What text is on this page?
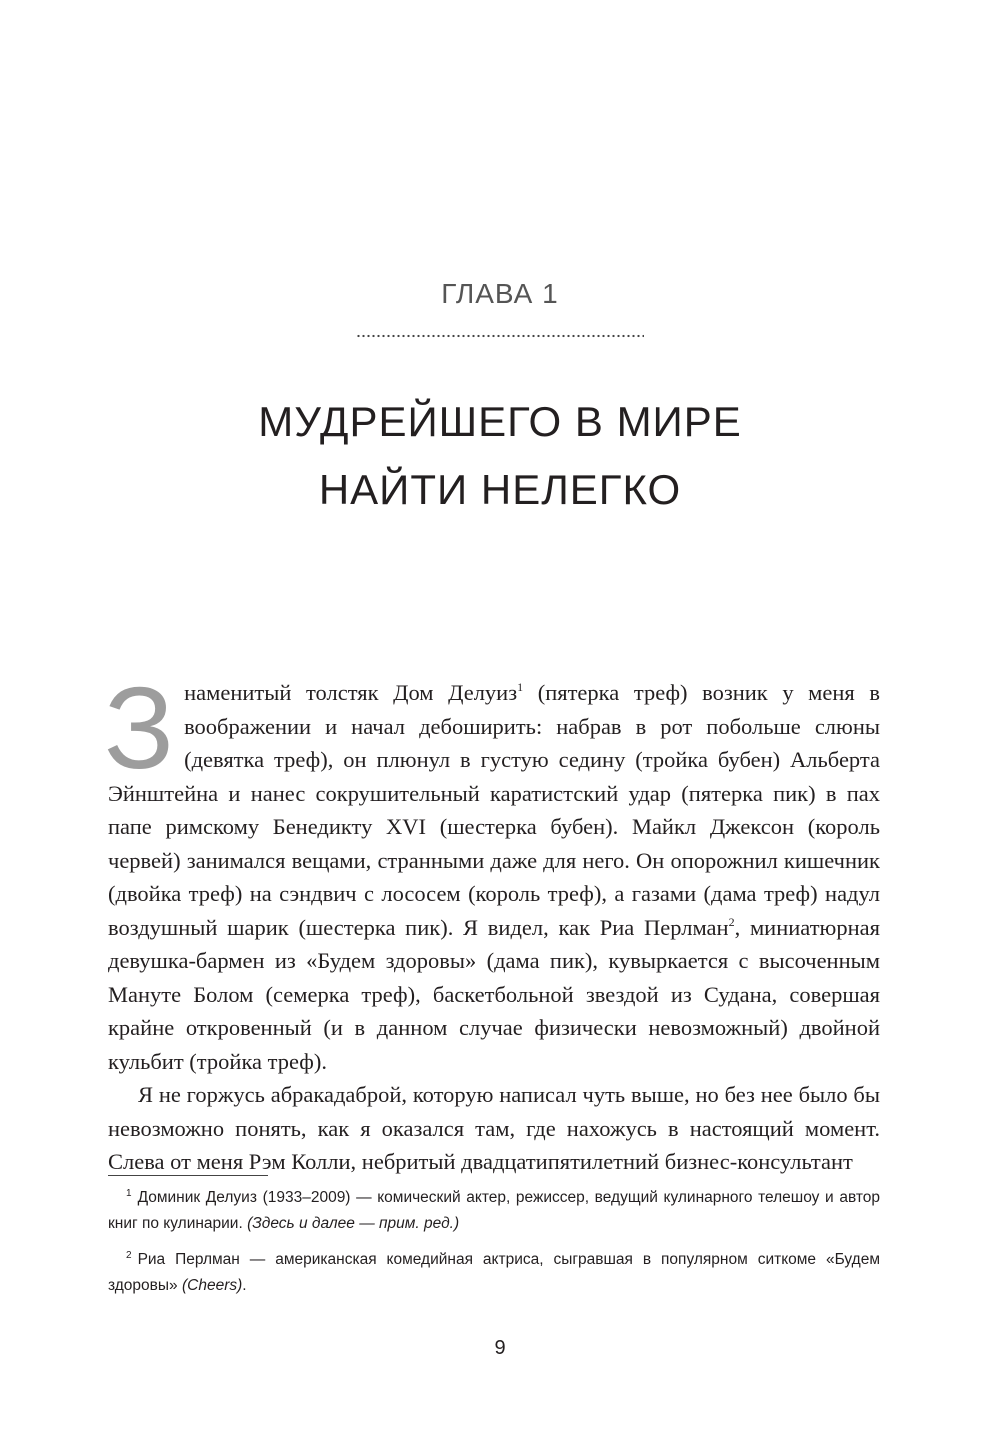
ГЛАВА 1
МУДРЕЙШЕГО В МИРЕ
НАЙТИ НЕЛЕГКО

Знаменитый толстяк Дом Делуиз$^1$ (пятерка треф) возник у меня в воображении и начал дебоширить: набрав в рот побольше слюны (девятка треф), он плюнул в густую седину (тройка бубен) Альберта Эйнштейна и нанес сокрушительный каратистский удар (пятерка пик) в пах папе римскому Бенедикту XVI (шестерка бубен). Майкл Джексон (король червей) занимался вещами, странными даже для него. Он опорожнил кишечник (двойка треф) на сэндвич с лососем (король треф), а газами (дама треф) надул воздушный шарик (шестерка пик). Я видел, как Риа Перлман$^2$, миниатюрная девушка-бармен из «Будем здоровы» (дама пик), кувыркается с высоченным Мануте Болом (семерка треф), баскетбольной звездой из Судана, совершая крайне откровенный (и в данном случае физически невозможный) двойной кульбит (тройка треф).

Я не горжусь абракадаброй, которую написал чуть выше, но без нее было бы невозможно понять, как я оказался там, где нахожусь в настоящий момент. Слева от меня Рэм Колли, небритый двадцатипятилетний бизнес-консультант

$^1$ Доминик Делуиз (1933–2009) — комический актер, режиссер, ведущий кулинарного телешоу и автор книг по кулинарии. (Здесь и далее — прим. ред.)

$^2$ Риа Перлман — американская комедийная актриса, сыгравшая в популярном ситкоме «Будем здоровы» (Cheers).

9
